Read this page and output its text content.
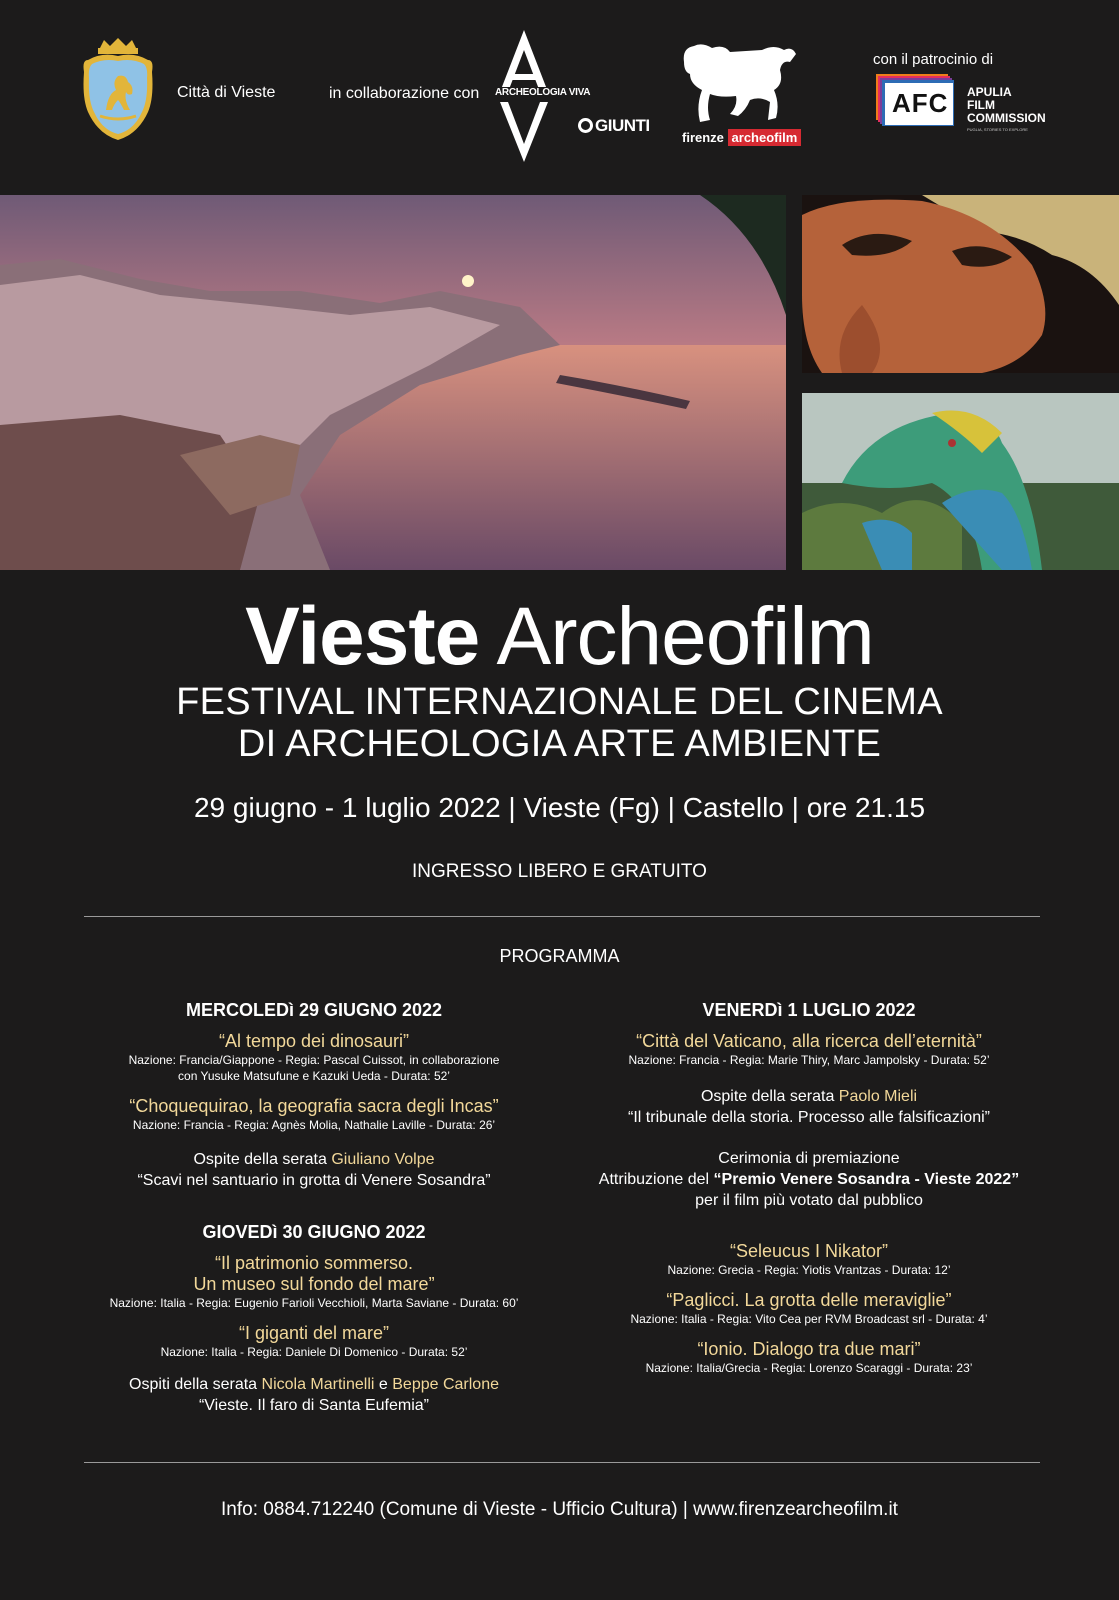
Città di Vieste	in collaborazione con ARCHEOLOGIA VIVA
GIUNTI
firenze archeofilm
con il patrocinio di
AFC APULIA
FILM
COMMISSION
PUGLIA, STORIES TO EXPLORE
Vieste Archeofilm
FESTIVAL INTERNAZIONALE DEL CINEMA
DI ARCHEOLOGIA ARTE AMBIENTE
29 giugno - 1 luglio 2022 | Vieste (Fg) | Castello | ore 21.15
INGRESSO LIBERO E GRATUITO
PROGRAMMA
MERCOLEDì 29 GIUGNO 2022
“Al tempo dei dinosauri”
Nazione: Francia/Giappone - Regia: Pascal Cuissot, in collaborazione
con Yusuke Matsufune e Kazuki Ueda - Durata: 52’
“Choquequirao, la geografia sacra degli Incas”
Nazione: Francia - Regia: Agnès Molia, Nathalie Laville - Durata: 26’
Ospite della serata Giuliano Volpe
“Scavi nel santuario in grotta di Venere Sosandra”
GIOVEDì 30 GIUGNO 2022
“Il patrimonio sommerso.
Un museo sul fondo del mare”
Nazione: Italia - Regia: Eugenio Farioli Vecchioli, Marta Saviane - Durata: 60’
“I giganti del mare”
Nazione: Italia - Regia: Daniele Di Domenico - Durata: 52’
Ospiti della serata Nicola Martinelli e Beppe Carlone
“Vieste. Il faro di Santa Eufemia”
VENERDì 1 LUGLIO 2022
“Città del Vaticano, alla ricerca dell’eternità”
Nazione: Francia - Regia: Marie Thiry, Marc Jampolsky - Durata: 52’
Ospite della serata Paolo Mieli
“Il tribunale della storia. Processo alle falsificazioni”
Cerimonia di premiazione
Attribuzione del “Premio Venere Sosandra - Vieste 2022”
per il film più votato dal pubblico
“Seleucus I Nikator”
Nazione: Grecia - Regia: Yiotis Vrantzas - Durata: 12’
“Paglicci. La grotta delle meraviglie”
Nazione: Italia - Regia: Vito Cea per RVM Broadcast srl - Durata: 4’
“Ionio. Dialogo tra due mari”
Nazione: Italia/Grecia - Regia: Lorenzo Scaraggi - Durata: 23’
Info: 0884.712240 (Comune di Vieste - Ufficio Cultura) | www.firenzearcheofilm.it
